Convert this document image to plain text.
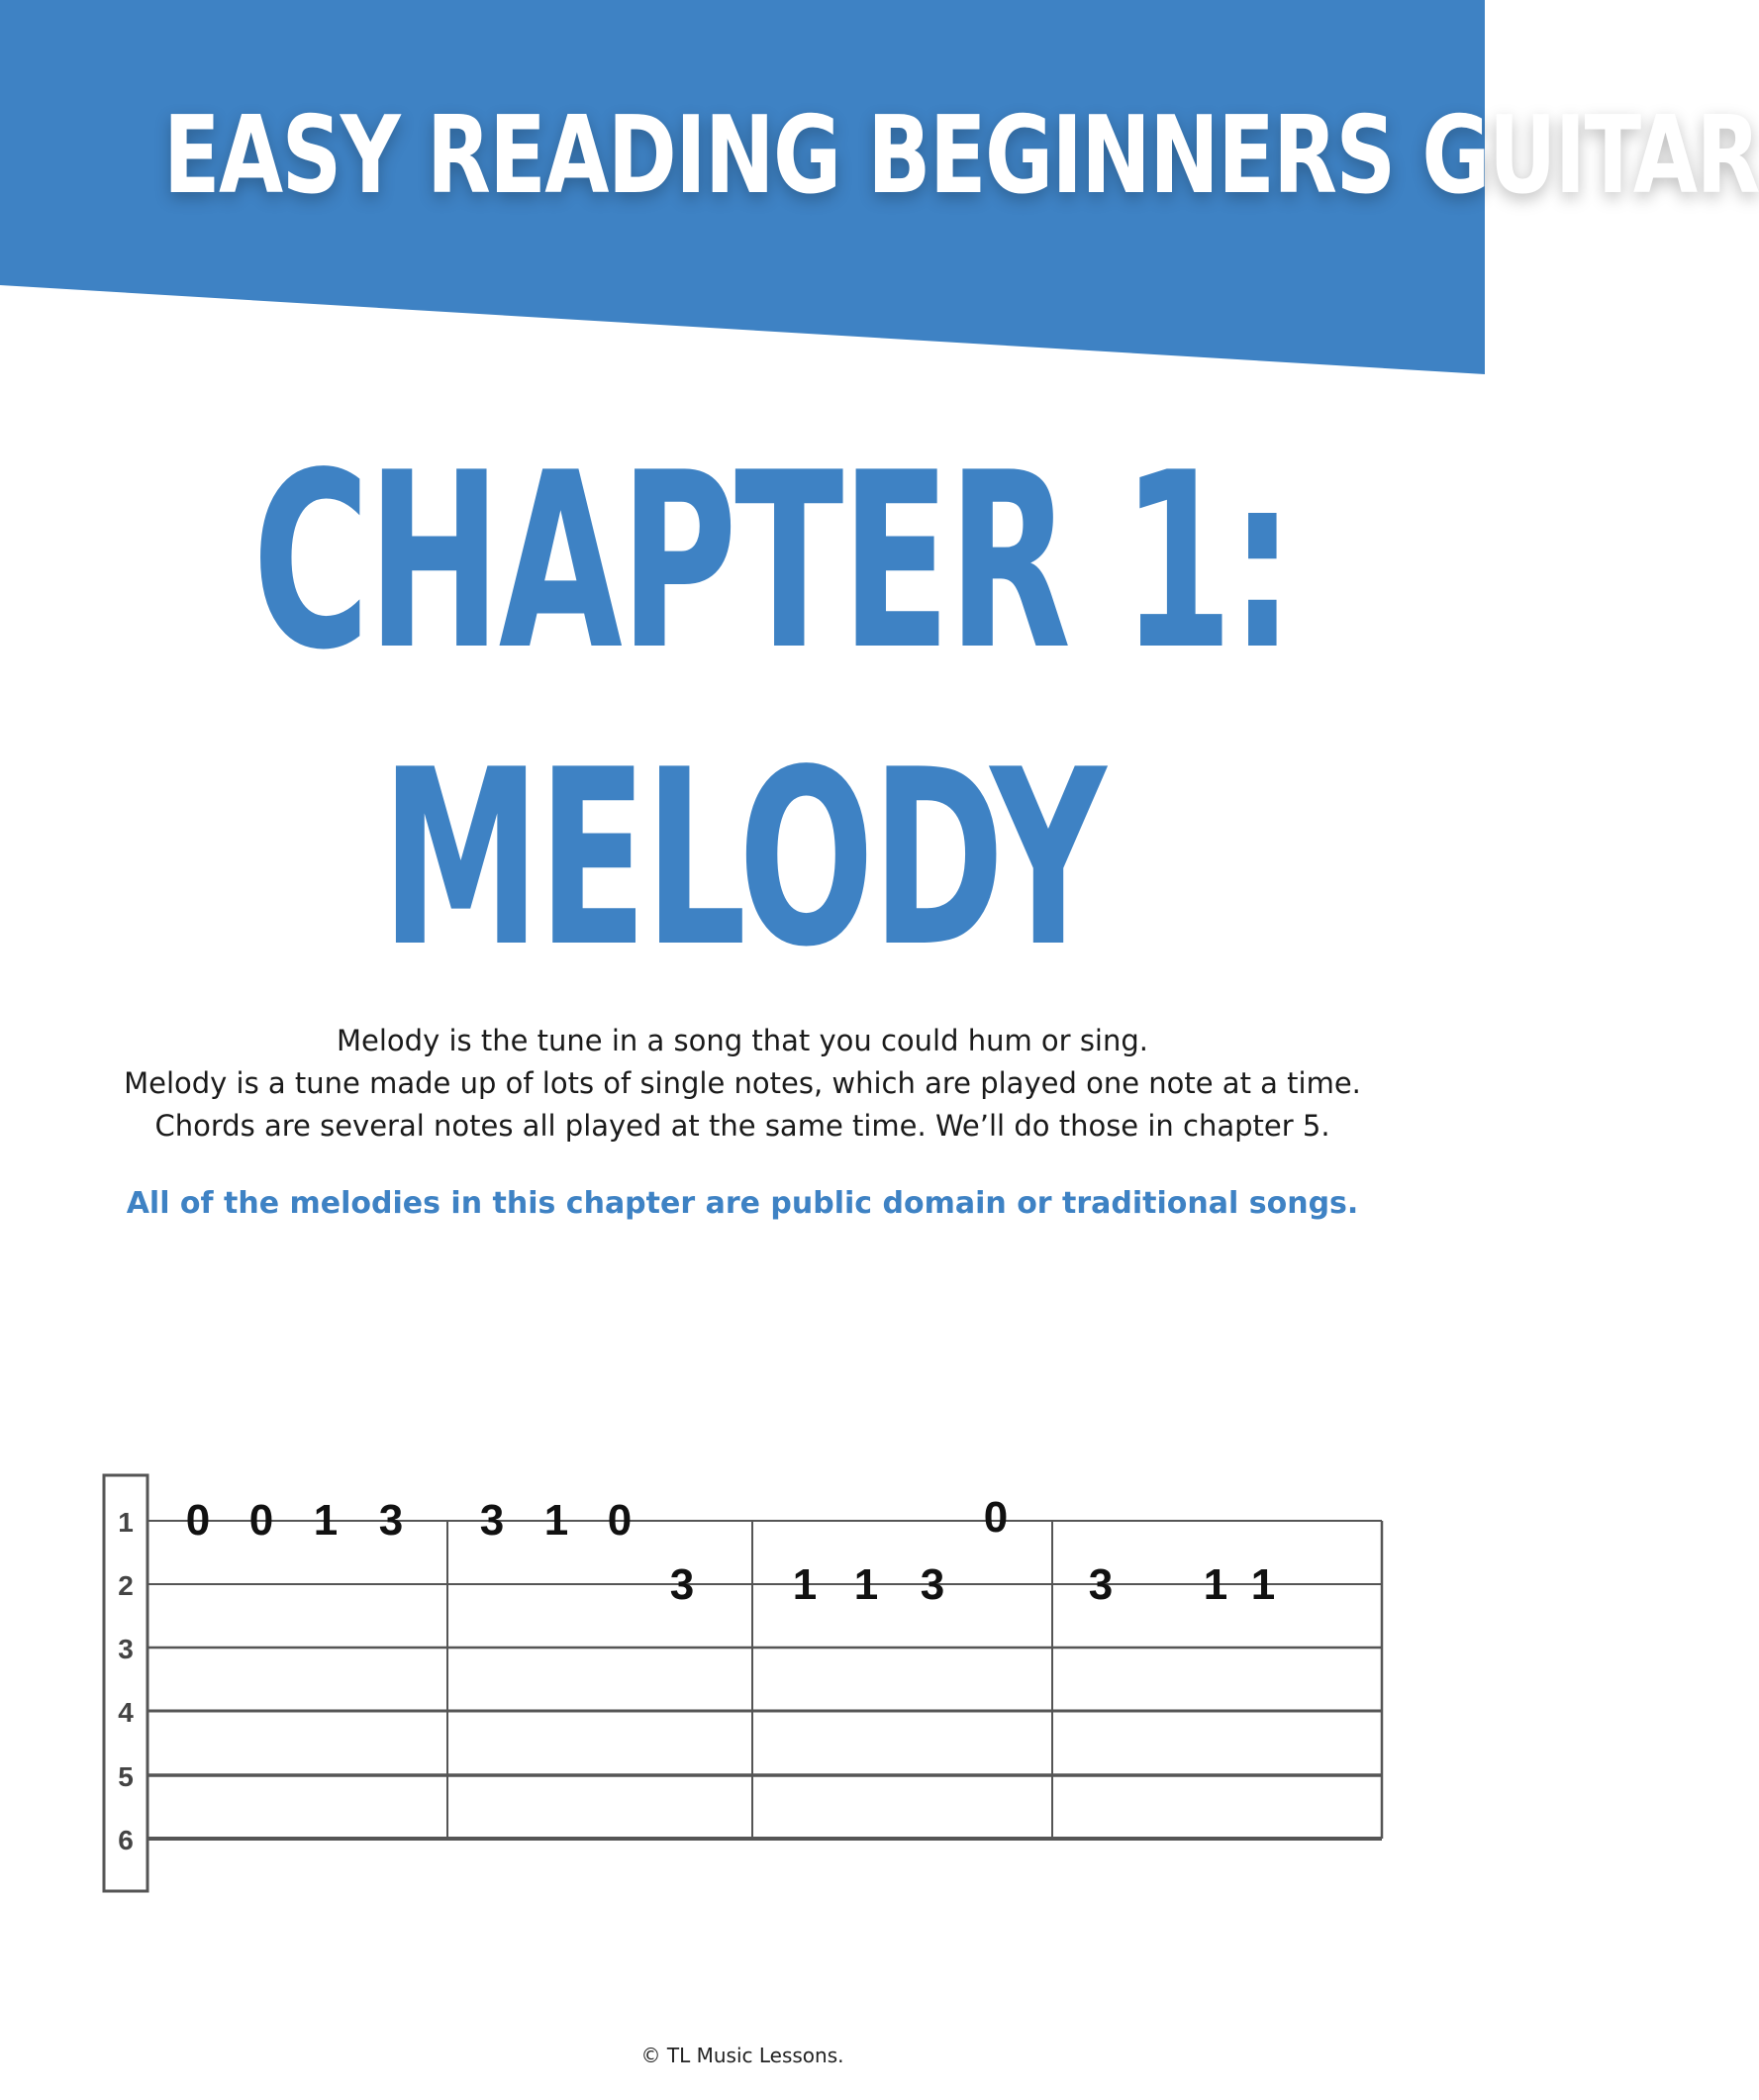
EASY READING BEGINNERS GUITAR
CHAPTER 1:
MELODY

Melody is the tune in a song that you could hum or sing.

Melody is a tune made up of lots of single notes, which are played one note at a time.

Chords are several notes all played at the same time. We’ll do those in chapter 5.

All of the melodies in this chapter are public domain or traditional songs.
1
2
3
4
5
6
0 0 1 3 3 1 0
3 1 1 3
0
3 1 1
© TL Music Lessons.
